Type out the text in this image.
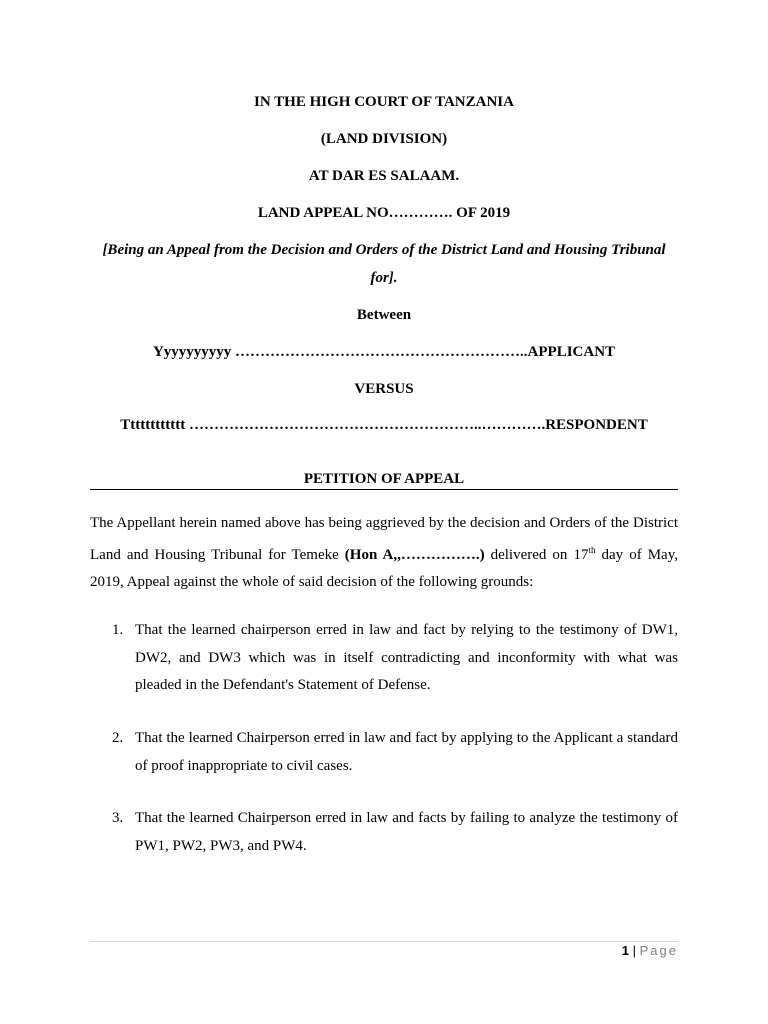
IN THE HIGH COURT OF TANZANIA
(LAND DIVISION)
AT DAR ES SALAAM.
LAND APPEAL NO…………. OF 2019
[Being an Appeal from the Decision and Orders of the District Land and Housing Tribunal for].
Between
Yyyyyyyyyy …………………………………………………..APPLICANT
VERSUS
Tttttttttttt …………………………………………………..………….RESPONDENT
PETITION OF APPEAL
The Appellant herein named above has being aggrieved by the decision and Orders of the District Land and Housing Tribunal for Temeke (Hon A,,…………….) delivered on 17th day of May, 2019, Appeal against the whole of said decision of the following grounds:
1. That the learned chairperson erred in law and fact by relying to the testimony of DW1, DW2, and DW3 which was in itself contradicting and inconformity with what was pleaded in the Defendant's Statement of Defense.
2. That the learned Chairperson erred in law and fact by applying to the Applicant a standard of proof inappropriate to civil cases.
3. That the learned Chairperson erred in law and facts by failing to analyze the testimony of PW1, PW2, PW3, and PW4.
1 | Page
